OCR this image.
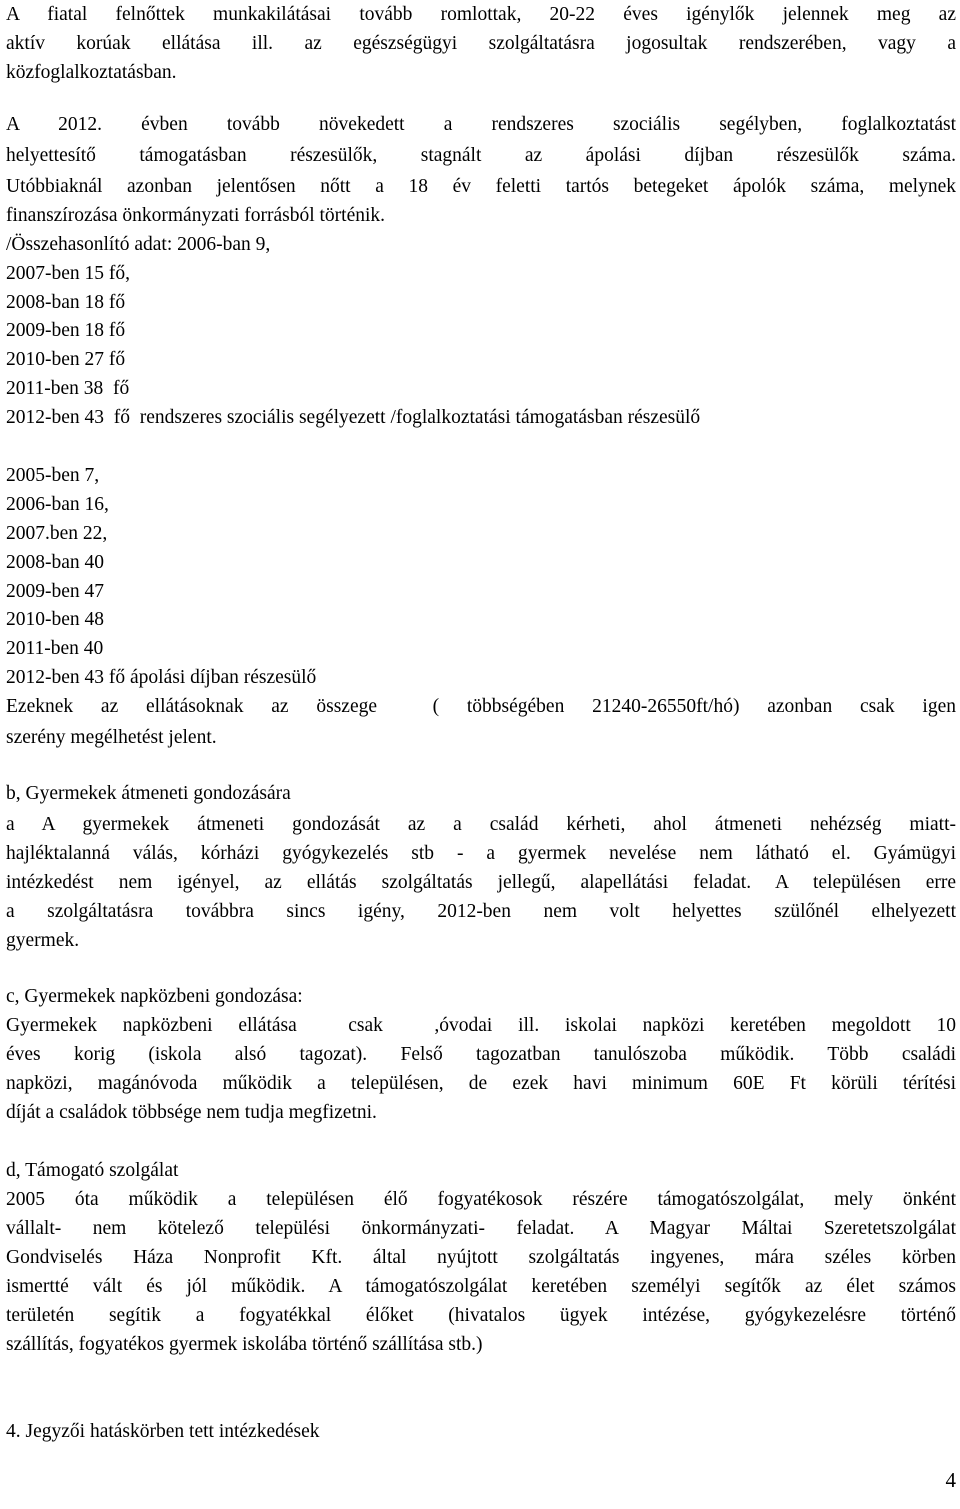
A fiatal felnőttek munkakilátásai tovább romlottak, 20-22 éves igénylők jelennek meg az
aktív korúak ellátása ill. az egészségügyi szolgáltatásra jogosultak rendszerében, vagy a
közfoglalkoztatásban.
A 2012. évben tovább növekedett a rendszeres szociális segélyben, foglalkoztatást
helyettesítő támogatásban részesülők, stagnált az ápolási díjban részesülők száma.
Utóbbiaknál azonban jelentősen nőtt a 18 év feletti tartós betegeket ápolók száma, melynek
finanszírozása önkormányzati forrásból történik.
/Összehasonlító adat: 2006-ban 9,
2007-ben 15 fő,
2008-ban 18 fő
2009-ben 18 fő
2010-ben 27 fő
2011-ben 38  fő
2012-ben 43  fő  rendszeres szociális segélyezett /foglalkoztatási támogatásban részesülő
2005-ben 7,
2006-ban 16,
2007.ben 22,
2008-ban 40
2009-ben 47
2010-ben 48
2011-ben 40
2012-ben 43 fő ápolási díjban részesülő
Ezeknek az ellátásoknak az összege  ( többségében 21240-26550ft/hó) azonban csak igen
szerény megélhetést jelent.
b, Gyermekek átmeneti gondozására
a A gyermekek átmeneti gondozását az a család kérheti, ahol átmeneti nehézség miatt-
hajléktalanná válás, kórházi gyógykezelés stb - a gyermek nevelése nem látható el. Gyámügyi
intézkedést nem igényel, az ellátás szolgáltatás jellegű, alapellátási feladat. A településen erre
a szolgáltatásra továbbra sincs igény, 2012-ben nem volt helyettes szülőnél elhelyezett
gyermek.
c, Gyermekek napközbeni gondozása:
Gyermekek napközbeni ellátása  csak  ,óvodai ill. iskolai napközi keretében megoldott 10
éves korig (iskola alsó tagozat). Felső tagozatban tanulószoba működik. Több családi
napközi, magánóvoda működik a településen, de ezek havi minimum 60E Ft körüli térítési
díját a családok többsége nem tudja megfizetni.
d, Támogató szolgálat
2005 óta működik a településen élő fogyatékosok részére támogatószolgálat, mely önként
vállalt- nem kötelező települési önkormányzati- feladat. A Magyar Máltai Szeretetszolgálat
Gondviselés Háza Nonprofit Kft. által nyújtott szolgáltatás ingyenes, mára széles körben
ismertté vált és jól működik. A támogatószolgálat keretében személyi segítők az élet számos
területén segítik a fogyatékkal élőket (hivatalos ügyek intézése, gyógykezelésre történő
szállítás, fogyatékos gyermek iskolába történő szállítása stb.)
4. Jegyzői hatáskörben tett intézkedések
4
